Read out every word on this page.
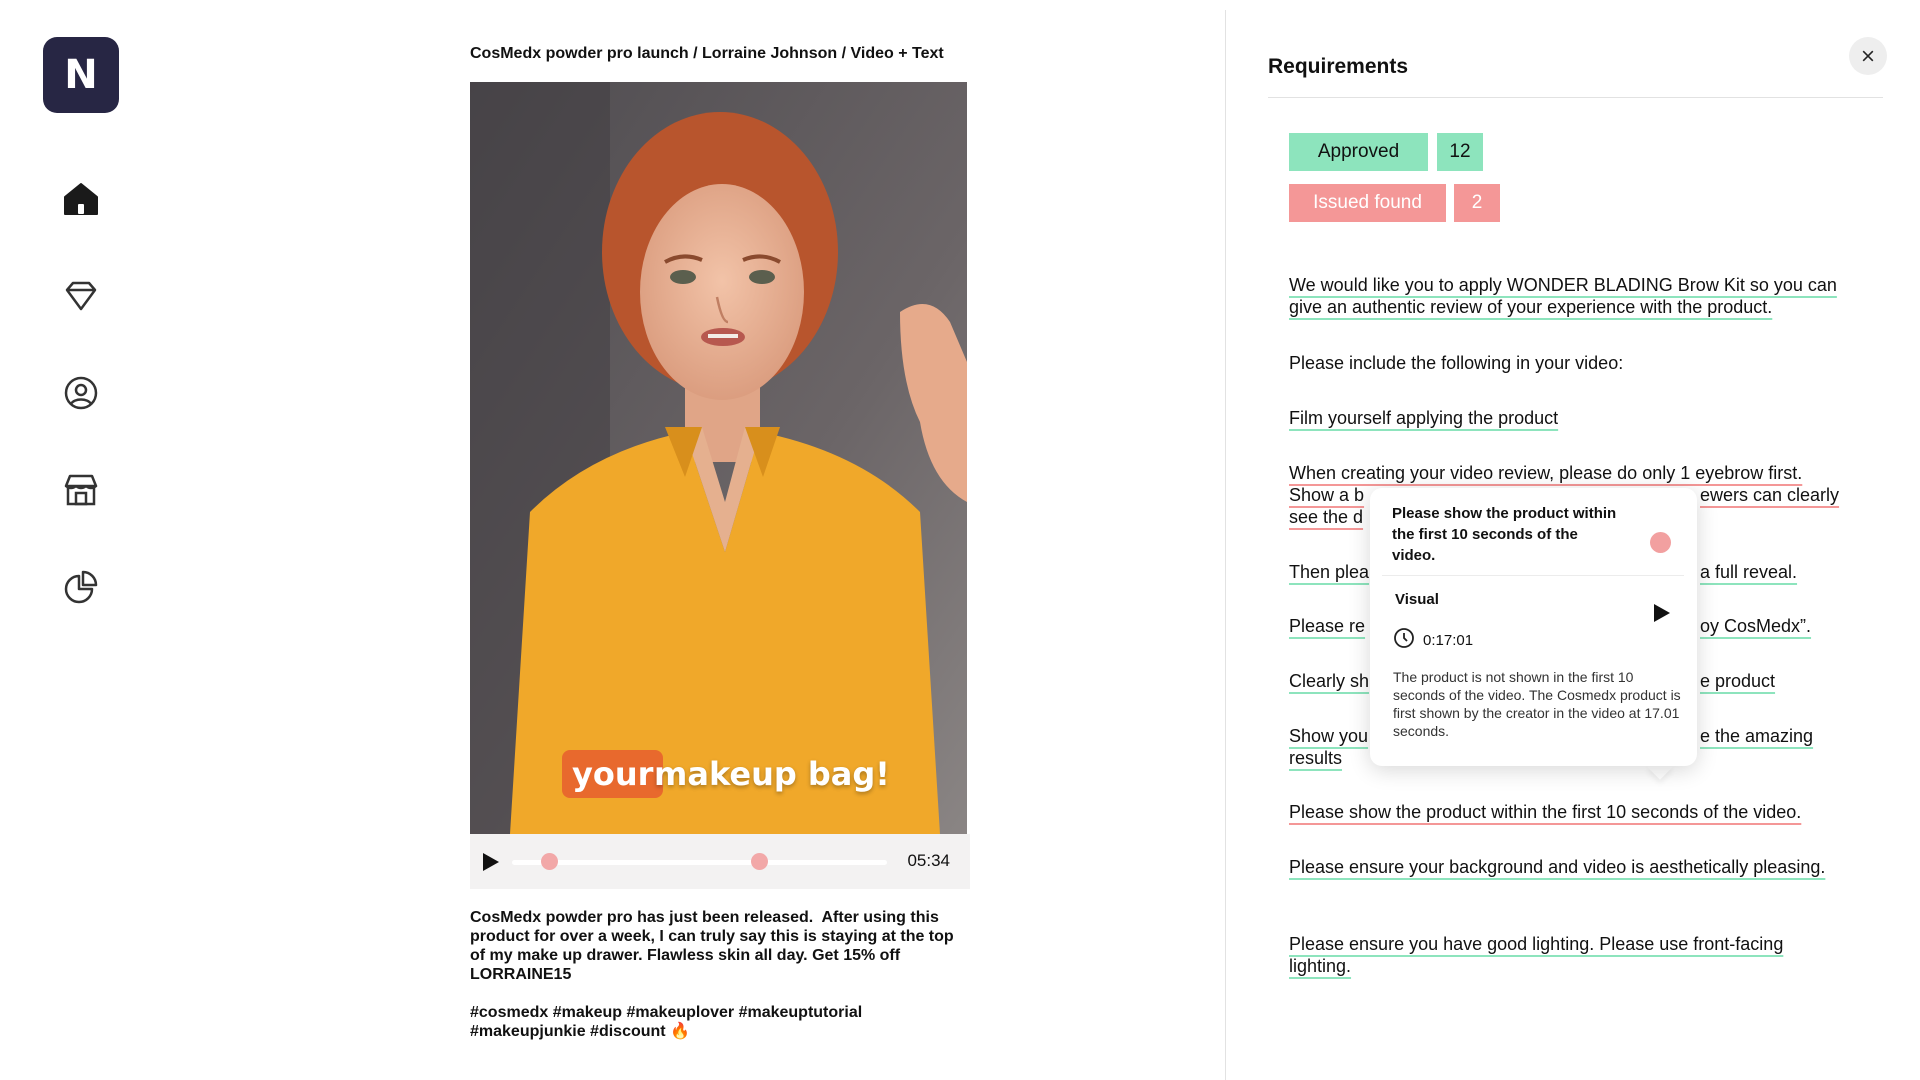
N	CosMedx powder pro launch / Lorraine Johnson / Video + Text
your makeup bag!
05:34
CosMedx powder pro has just been released.  After using this product for over a week, I can truly say this is staying at the top of my make up drawer. Flawless skin all day. Get 15% off LORRAINE15
#cosmedx #makeup #makeuplover #makeuptutorial #makeupjunkie #discount 🔥
Requirements
Approved	12
Issued found	2
We would like you to apply WONDER BLADING Brow Kit so you can give an authentic review of your experience with the product.
Please include the following in your video:
Film yourself applying the product
When creating your video review, please do only 1 eyebrow first.
Show a b	ewers can clearly
see the d
Then plea	a full reveal.
Please re	oy CosMedx”.
Clearly sh	e product
Show you	e the amazing
results
Please show the product within the first 10 seconds of the video.
Please ensure your background and video is aesthetically pleasing.
Please ensure you have good lighting. Please use front-facing lighting.
Please show the product within the first 10 seconds of the video.
Visual
0:17:01
The product is not shown in the first 10 seconds of the video. The Cosmedx product is first shown by the creator in the video at 17.01 seconds.
